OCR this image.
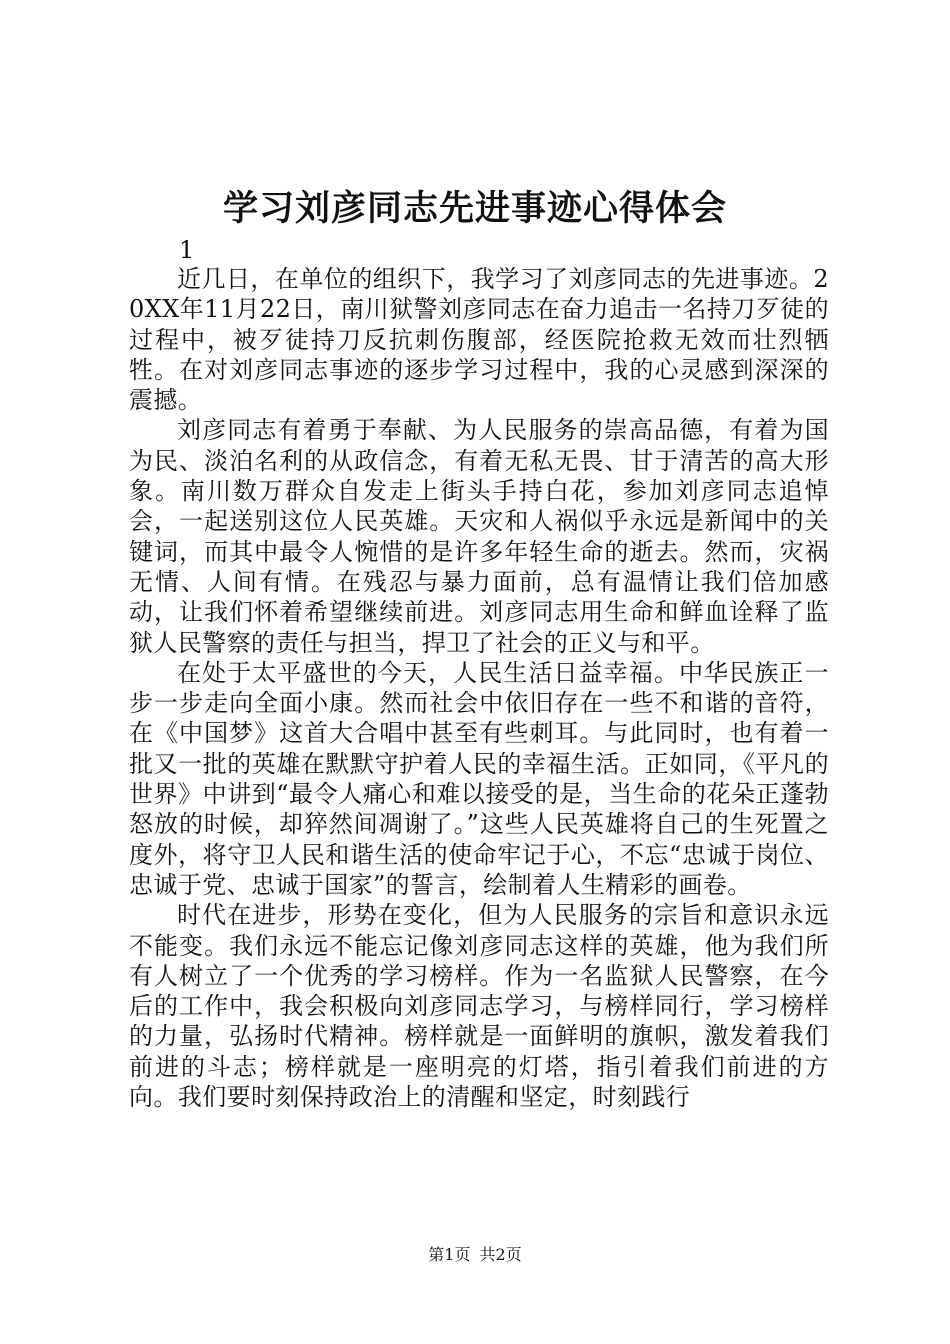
学习刘彦同志先进事迹心得体会

1

近几日，在单位的组织下，我学习了刘彦同志的先进事迹。20XX年11月22日，南川狱警刘彦同志在奋力追击一名持刀歹徒的过程中，被歹徒持刀反抗刺伤腹部，经医院抢救无效而壮烈牺牲。在对刘彦同志事迹的逐步学习过程中，我的心灵感到深深的震撼。

刘彦同志有着勇于奉献、为人民服务的崇高品德，有着为国为民、淡泊名利的从政信念，有着无私无畏、甘于清苦的高大形象。南川数万群众自发走上街头手持白花，参加刘彦同志追悼会，一起送别这位人民英雄。天灾和人祸似乎永远是新闻中的关键词，而其中最令人惋惜的是许多年轻生命的逝去。然而，灾祸无情、人间有情。在残忍与暴力面前，总有温情让我们倍加感动，让我们怀着希望继续前进。刘彦同志用生命和鲜血诠释了监狱人民警察的责任与担当，捍卫了社会的正义与和平。

在处于太平盛世的今天，人民生活日益幸福。中华民族正一步一步走向全面小康。然而社会中依旧存在一些不和谐的音符，在《中国梦》这首大合唱中甚至有些刺耳。与此同时，也有着一批又一批的英雄在默默守护着人民的幸福生活。正如同，《平凡的世界》中讲到“最令人痛心和难以接受的是，当生命的花朵正蓬勃怒放的时候，却猝然间凋谢了。”这些人民英雄将自己的生死置之度外，将守卫人民和谐生活的使命牢记于心，不忘“忠诚于岗位、忠诚于党、忠诚于国家”的誓言，绘制着人生精彩的画卷。

时代在进步，形势在变化，但为人民服务的宗旨和意识永远不能变。我们永远不能忘记像刘彦同志这样的英雄，他为我们所有人树立了一个优秀的学习榜样。作为一名监狱人民警察，在今后的工作中，我会积极向刘彦同志学习，与榜样同行，学习榜样的力量，弘扬时代精神。榜样就是一面鲜明的旗帜，激发着我们前进的斗志；榜样就是一座明亮的灯塔，指引着我们前进的方向。我们要时刻保持政治上的清醒和坚定，时刻践行

第1页 共2页
